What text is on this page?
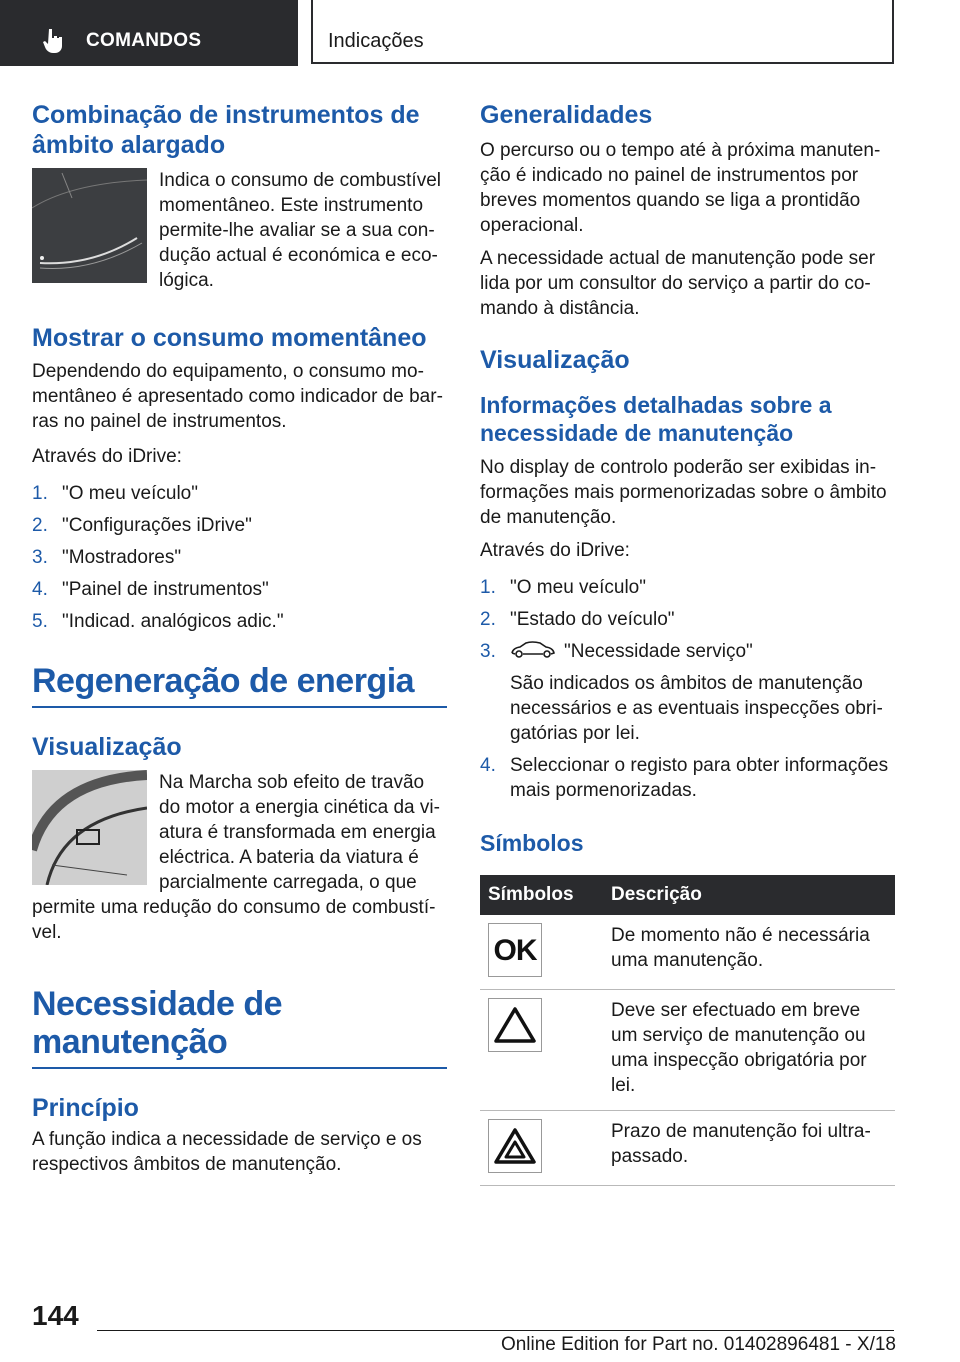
COMANDOS	Indicações
Combinação de instrumentos de âmbito alargado

Indica o consumo de combustível momentâneo. Este instrumento permite-lhe avaliar se a sua condução actual é económica e ecológica.

Mostrar o consumo momentâneo

Dependendo do equipamento, o consumo momentâneo é apresentado como indicador de barras no painel de instrumentos.

Através do iDrive:

1. "O meu veículo"
2. "Configurações iDrive"
3. "Mostradores"
4. "Painel de instrumentos"
5. "Indicad. analógicos adic."
Regeneração de energia
Visualização

Na Marcha sob efeito de travão do motor a energia cinética da viatura é transformada em energia eléctrica. A bateria da viatura é parcialmente carregada, o que

permite uma redução do consumo de combustível.

Necessidade de manutenção
Princípio

A função indica a necessidade de serviço e os respectivos âmbitos de manutenção.

Generalidades

O percurso ou o tempo até à próxima manutenção é indicado no painel de instrumentos por breves momentos quando se liga a prontidão operacional.

A necessidade actual de manutenção pode ser lida por um consultor do serviço a partir do comando à distância.

Visualização
Informações detalhadas sobre a necessidade de manutenção

No display de controlo poderão ser exibidas informações mais pormenorizadas sobre o âmbito de manutenção.

Através do iDrive:

1. "O meu veículo"
2. "Estado do veículo"
3.	"Necessidade serviço"
São indicados os âmbitos de manutenção necessários e as eventuais inspecções obrigatórias por lei.
4. Seleccionar o registo para obter informações mais pormenorizadas.
Símbolos
Símbolos	Descrição

OK	De momento não é necessária uma manutenção.

	Deve ser efectuado em breve um serviço de manutenção ou uma inspecção obrigatória por lei.

	Prazo de manutenção foi ultrapassado.
144
Online Edition for Part no. 01402896481 - X/18
